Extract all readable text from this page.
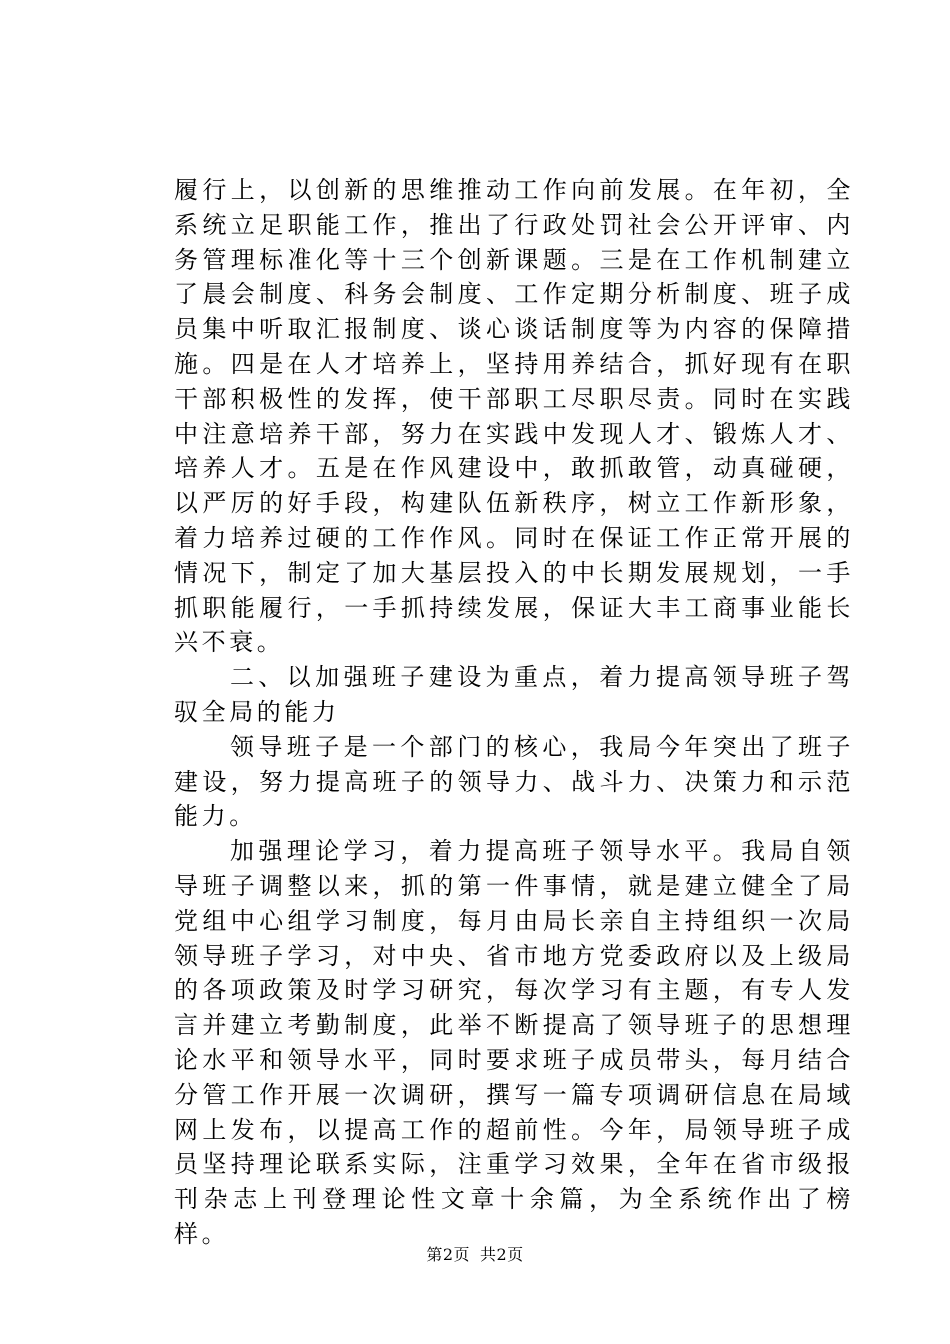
履行上，以创新的思维推动工作向前发展。在年初，全系统立足职能工作，推出了行政处罚社会公开评审、内务管理标准化等十三个创新课题。三是在工作机制建立了晨会制度、科务会制度、工作定期分析制度、班子成员集中听取汇报制度、谈心谈话制度等为内容的保障措施。四是在人才培养上，坚持用养结合，抓好现有在职干部积极性的发挥，使干部职工尽职尽责。同时在实践中注意培养干部，努力在实践中发现人才、锻炼人才、培养人才。五是在作风建设中，敢抓敢管，动真碰硬，以严厉的好手段，构建队伍新秩序，树立工作新形象，着力培养过硬的工作作风。同时在保证工作正常开展的情况下，制定了加大基层投入的中长期发展规划，一手抓职能履行，一手抓持续发展，保证大丰工商事业能长兴不衰。

二、以加强班子建设为重点，着力提高领导班子驾驭全局的能力

领导班子是一个部门的核心，我局今年突出了班子建设，努力提高班子的领导力、战斗力、决策力和示范能力。

加强理论学习，着力提高班子领导水平。我局自领导班子调整以来，抓的第一件事情，就是建立健全了局党组中心组学习制度，每月由局长亲自主持组织一次局领导班子学习，对中央、省市地方党委政府以及上级局的各项政策及时学习研究，每次学习有主题，有专人发言并建立考勤制度，此举不断提高了领导班子的思想理论水平和领导水平，同时要求班子成员带头，每月结合分管工作开展一次调研，撰写一篇专项调研信息在局域网上发布，以提高工作的超前性。今年，局领导班子成员坚持理论联系实际，注重学习效果，全年在省市级报刊杂志上刊登理论性文章十余篇，为全系统作出了榜样。

第2页 共2页
